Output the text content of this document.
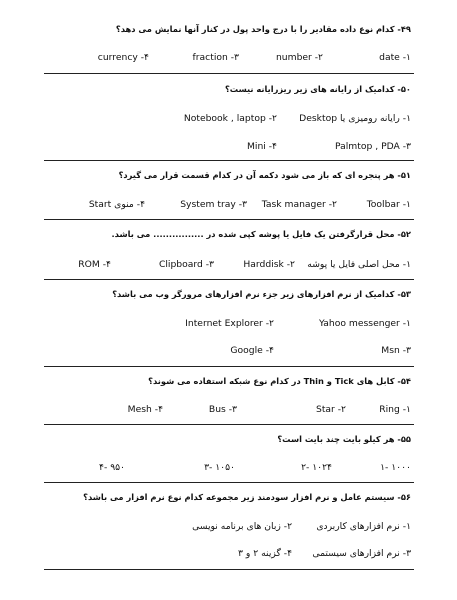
۴۹- کدام نوع داده مقادیر را با درج واحد پول در کنار آنها نمایش می دهد؟
date -۱
number -۲
fraction -۳
currency -۴
۵۰- کدامیک از رایانه های زیر ریزرایانه نیست؟
۱- رایانه رومیزی یا Desktop
Notebook , laptop -۲
Palmtop , PDA -۳
Mini -۴
۵۱- هر پنجره ای که باز می شود دکمه آن در کدام قسمت قرار می گیرد؟
Toolbar -۱
Task manager -۲
System tray -۳
۴- منوی Start
۵۲- محل قرارگرفتن یک فایل یا پوشه کپی شده در ................ می باشد.
۱- محل اصلی فایل یا پوشه
Harddisk -۲
Clipboard -۳
ROM -۴
۵۳- کدامیک از نرم افزارهای زیر جزء نرم افزارهای مرورگر وب می باشد؟
Yahoo messenger -۱
Internet Explorer -۲
Msn -۳
Google -۴
۵۴- کابل های Tick و Thin در کدام نوع شبکه استفاده می شوند؟
Ring -۱
Star -۲
Bus -۳
Mesh -۴
۵۵- هر کیلو بایت چند بایت است؟
۱۰۰۰ -۱
۱۰۲۴ -۲
۱۰۵۰ -۳
۹۵۰ -۴
۵۶- سیستم عامل و نرم افزار سودمند زیر مجموعه کدام نوع نرم افزار می باشد؟
۱- نرم افزارهای کاربردی
۲- زبان های برنامه نویسی
۳- نرم افزارهای سیستمی
۴- گزینه ۲ و ۳
